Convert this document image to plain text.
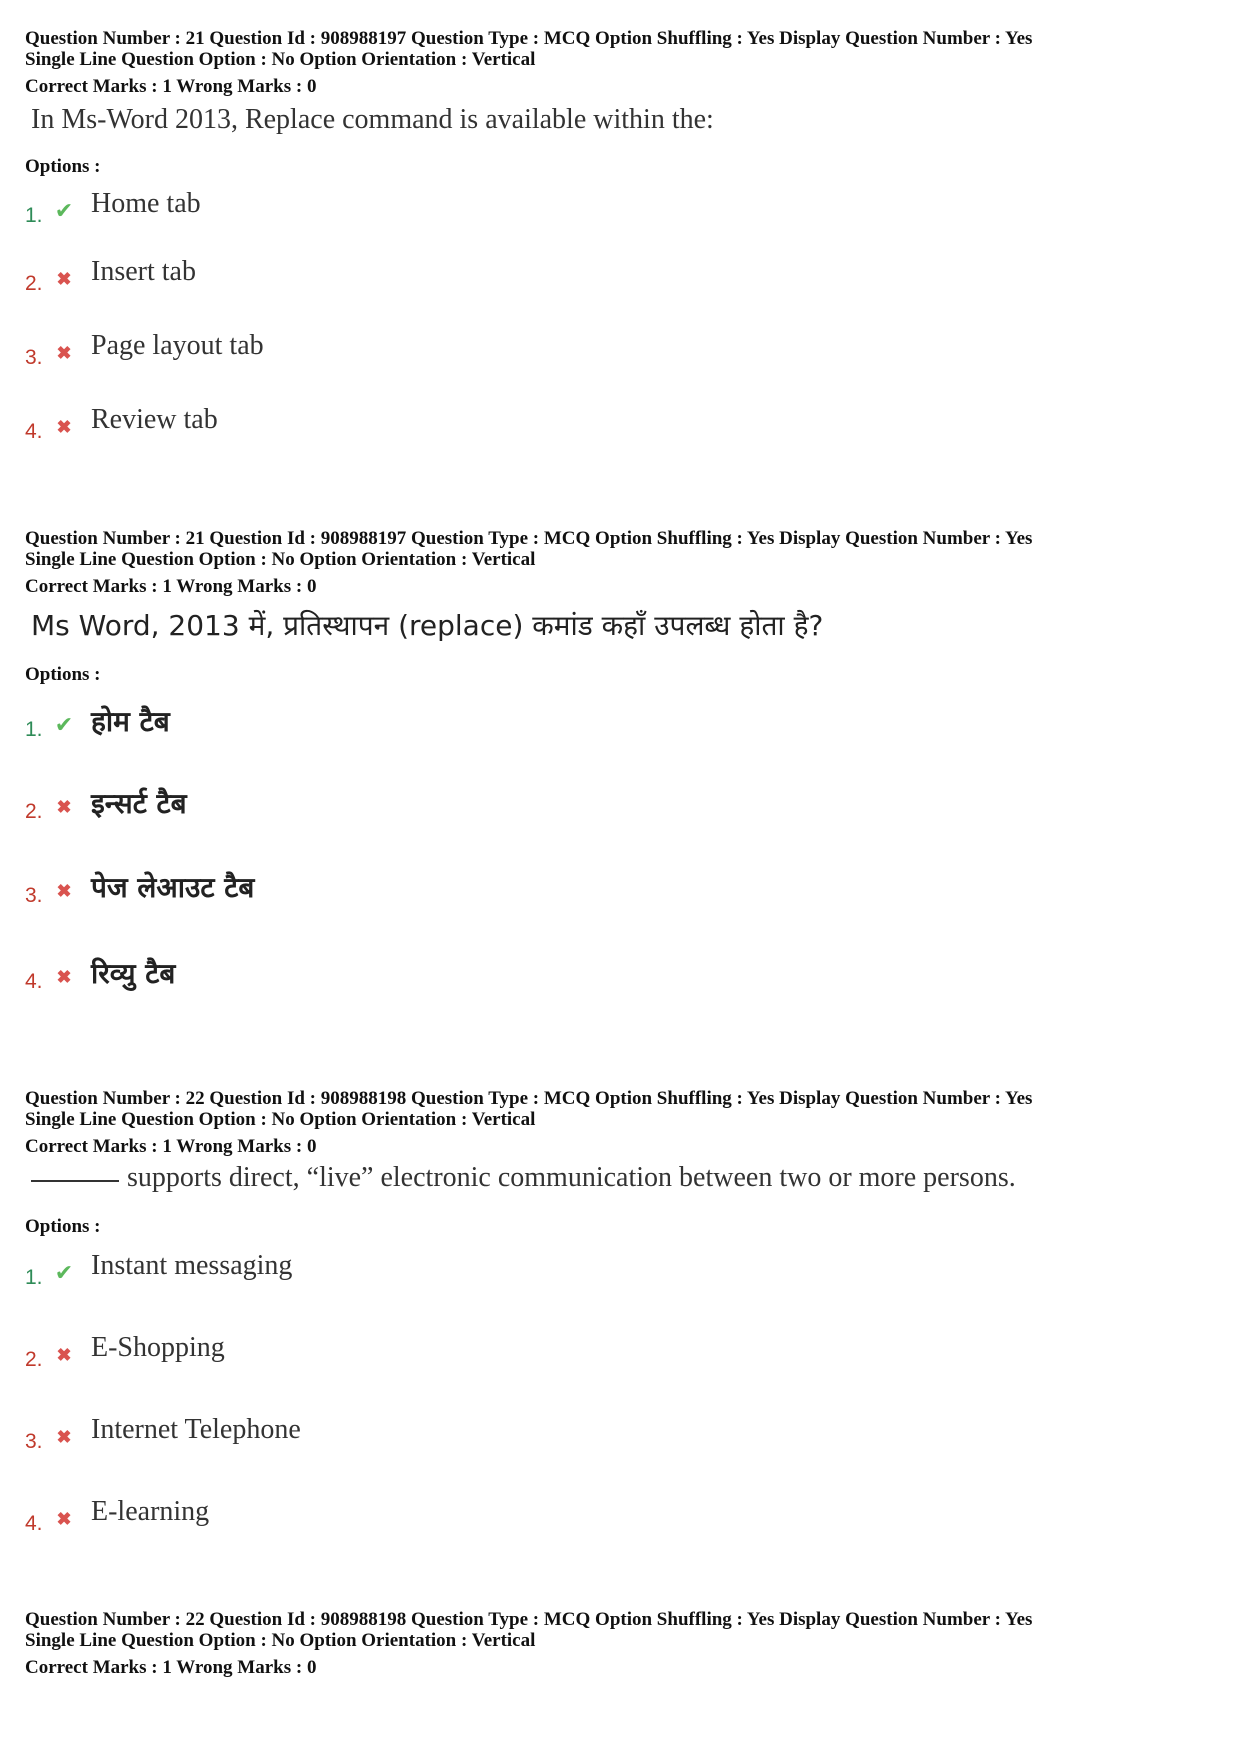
Question Number : 21 Question Id : 908988197 Question Type : MCQ Option Shuffling : Yes Display Question Number : Yes
Single Line Question Option : No Option Orientation : Vertical
Correct Marks : 1 Wrong Marks : 0
In Ms-Word 2013, Replace command is available within the:
Options :
1. ✔ Home tab
2. ✖ Insert tab
3. ✖ Page layout tab
4. ✖ Review tab
Question Number : 21 Question Id : 908988197 Question Type : MCQ Option Shuffling : Yes Display Question Number : Yes
Single Line Question Option : No Option Orientation : Vertical
Correct Marks : 1 Wrong Marks : 0
Ms Word, 2013 में, प्रतिस्थापन (replace) कमांड कहाँ उपलब्ध होता है?
Options :
1. ✔ होम टैब
2. ✖ इन्सर्ट टैब
3. ✖ पेज लेआउट टैब
4. ✖ रिव्यु टैब
Question Number : 22 Question Id : 908988198 Question Type : MCQ Option Shuffling : Yes Display Question Number : Yes
Single Line Question Option : No Option Orientation : Vertical
Correct Marks : 1 Wrong Marks : 0
supports direct, “live” electronic communication between two or more persons.
Options :
1. ✔ Instant messaging
2. ✖ E-Shopping
3. ✖ Internet Telephone
4. ✖ E-learning
Question Number : 22 Question Id : 908988198 Question Type : MCQ Option Shuffling : Yes Display Question Number : Yes
Single Line Question Option : No Option Orientation : Vertical
Correct Marks : 1 Wrong Marks : 0
